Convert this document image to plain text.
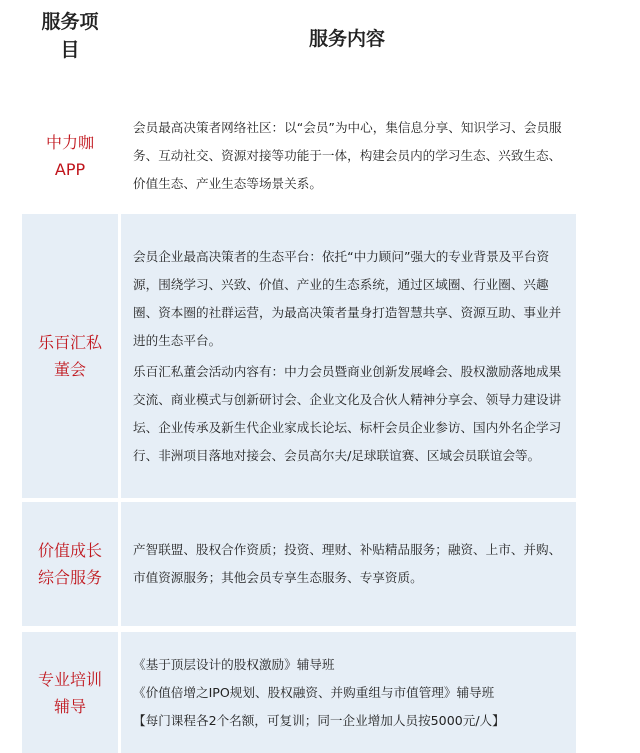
服务项目	服务内容
中力咖APP

会员最高决策者网络社区：以“会员”为中心，集信息分享、知识学习、会员服务、互动社交、资源对接等功能于一体，构建会员内的学习生态、兴致生态、价值生态、产业生态等场景关系。

乐百汇私董会

会员企业最高决策者的生态平台：依托“中力顾问”强大的专业背景及平台资源，围绕学习、兴致、价值、产业的生态系统，通过区域圈、行业圈、兴趣圈、资本圈的社群运营，为最高决策者量身打造智慧共享、资源互助、事业并进的生态平台。

乐百汇私董会活动内容有：中力会员暨商业创新发展峰会、股权激励落地成果交流、商业模式与创新研讨会、企业文化及合伙人精神分享会、领导力建设讲坛、企业传承及新生代企业家成长论坛、标杆会员企业参访、国内外名企学习行、非洲项目落地对接会、会员高尔夫/足球联谊赛、区域会员联谊会等。

价值成长综合服务

产智联盟、股权合作资质；投资、理财、补贴精品服务；融资、上市、并购、市值资源服务；其他会员专享生态服务、专享资质。

专业培训辅导
《基于顶层设计的股权激励》辅导班
《价值倍增之IPO规划、股权融资、并购重组与市值管理》辅导班
【每门课程各2个名额，可复训；同一企业增加人员按5000元/人】
